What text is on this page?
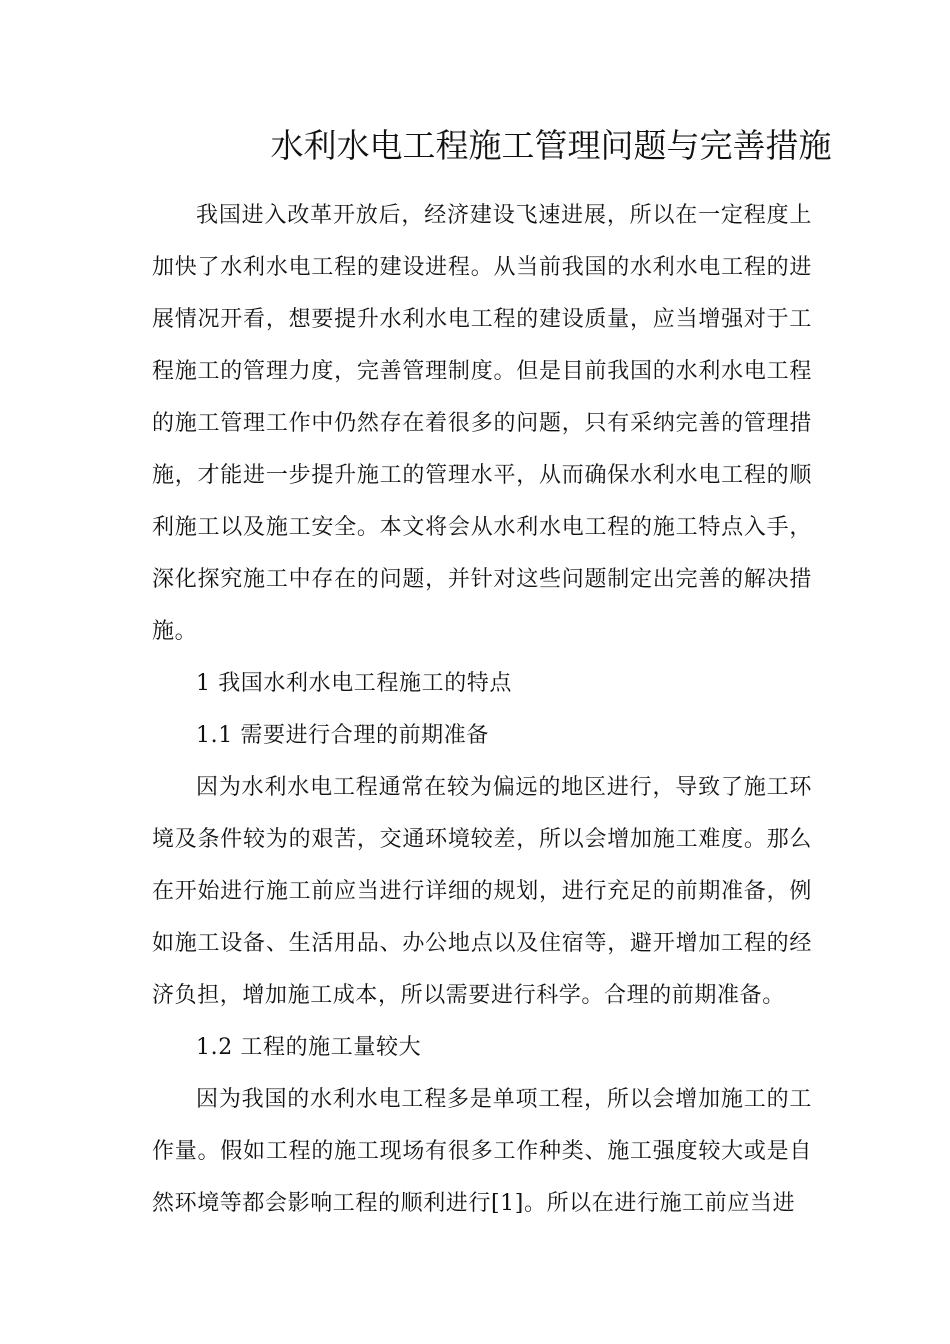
水利水电工程施工管理问题与完善措施

我国进入改革开放后，经济建设飞速进展，所以在一定程度上加快了水利水电工程的建设进程。从当前我国的水利水电工程的进展情况开看，想要提升水利水电工程的建设质量，应当增强对于工程施工的管理力度，完善管理制度。但是目前我国的水利水电工程的施工管理工作中仍然存在着很多的问题，只有采纳完善的管理措施，才能进一步提升施工的管理水平，从而确保水利水电工程的顺利施工以及施工安全。本文将会从水利水电工程的施工特点入手，深化探究施工中存在的问题，并针对这些问题制定出完善的解决措施。

1 我国水利水电工程施工的特点

1.1 需要进行合理的前期准备

因为水利水电工程通常在较为偏远的地区进行，导致了施工环境及条件较为的艰苦，交通环境较差，所以会增加施工难度。那么在开始进行施工前应当进行详细的规划，进行充足的前期准备，例如施工设备、生活用品、办公地点以及住宿等，避开增加工程的经济负担，增加施工成本，所以需要进行科学。合理的前期准备。

1.2 工程的施工量较大

因为我国的水利水电工程多是单项工程，所以会增加施工的工作量。假如工程的施工现场有很多工作种类、施工强度较大或是自然环境等都会影响工程的顺利进行[1]。所以在进行施工前应当进
